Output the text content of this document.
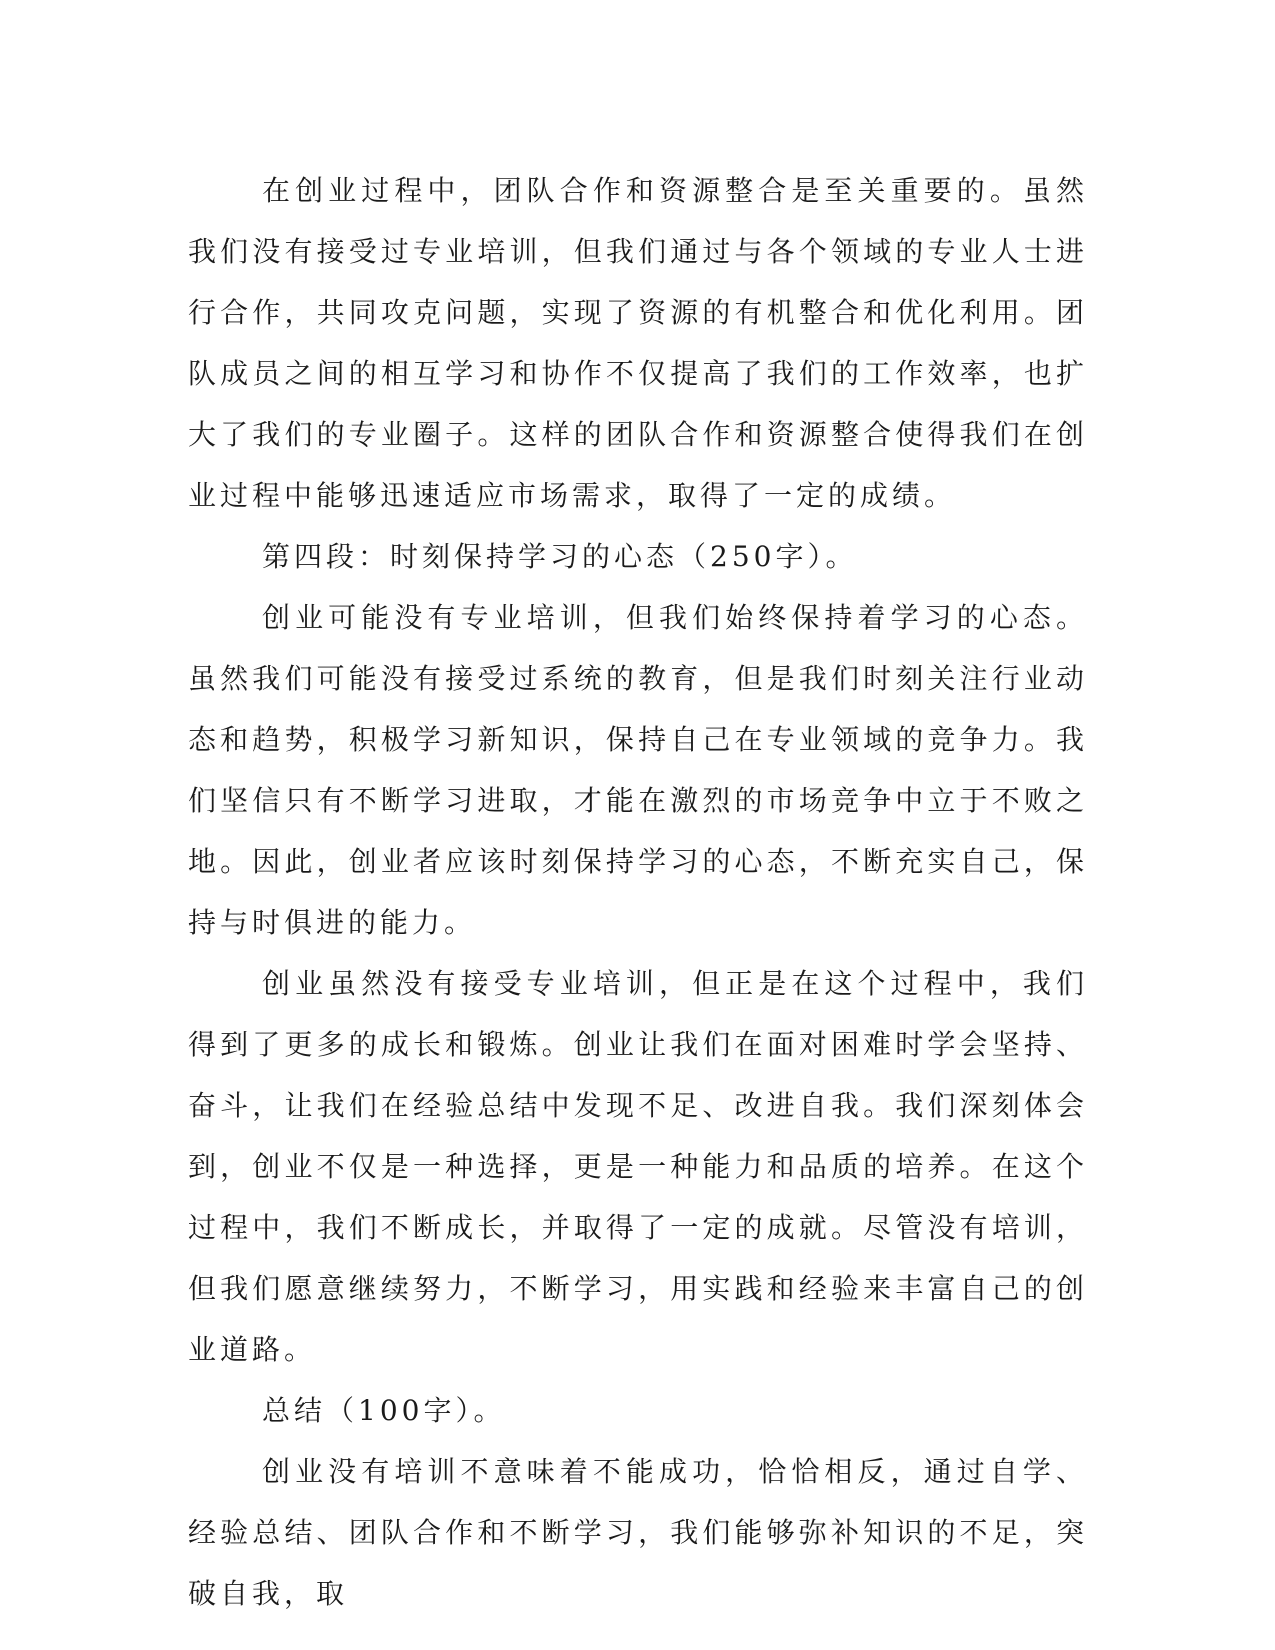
在创业过程中，团队合作和资源整合是至关重要的。虽然我们没有接受过专业培训，但我们通过与各个领域的专业人士进行合作，共同攻克问题，实现了资源的有机整合和优化利用。团队成员之间的相互学习和协作不仅提高了我们的工作效率，也扩大了我们的专业圈子。这样的团队合作和资源整合使得我们在创业过程中能够迅速适应市场需求，取得了一定的成绩。

第四段：时刻保持学习的心态（250字）。

创业可能没有专业培训，但我们始终保持着学习的心态。虽然我们可能没有接受过系统的教育，但是我们时刻关注行业动态和趋势，积极学习新知识，保持自己在专业领域的竞争力。我们坚信只有不断学习进取，才能在激烈的市场竞争中立于不败之地。因此，创业者应该时刻保持学习的心态，不断充实自己，保持与时俱进的能力。

创业虽然没有接受专业培训，但正是在这个过程中，我们得到了更多的成长和锻炼。创业让我们在面对困难时学会坚持、奋斗，让我们在经验总结中发现不足、改进自我。我们深刻体会到，创业不仅是一种选择，更是一种能力和品质的培养。在这个过程中，我们不断成长，并取得了一定的成就。尽管没有培训，但我们愿意继续努力，不断学习，用实践和经验来丰富自己的创业道路。

总结（100字）。

创业没有培训不意味着不能成功，恰恰相反，通过自学、经验总结、团队合作和不断学习，我们能够弥补知识的不足，突破自我，取
